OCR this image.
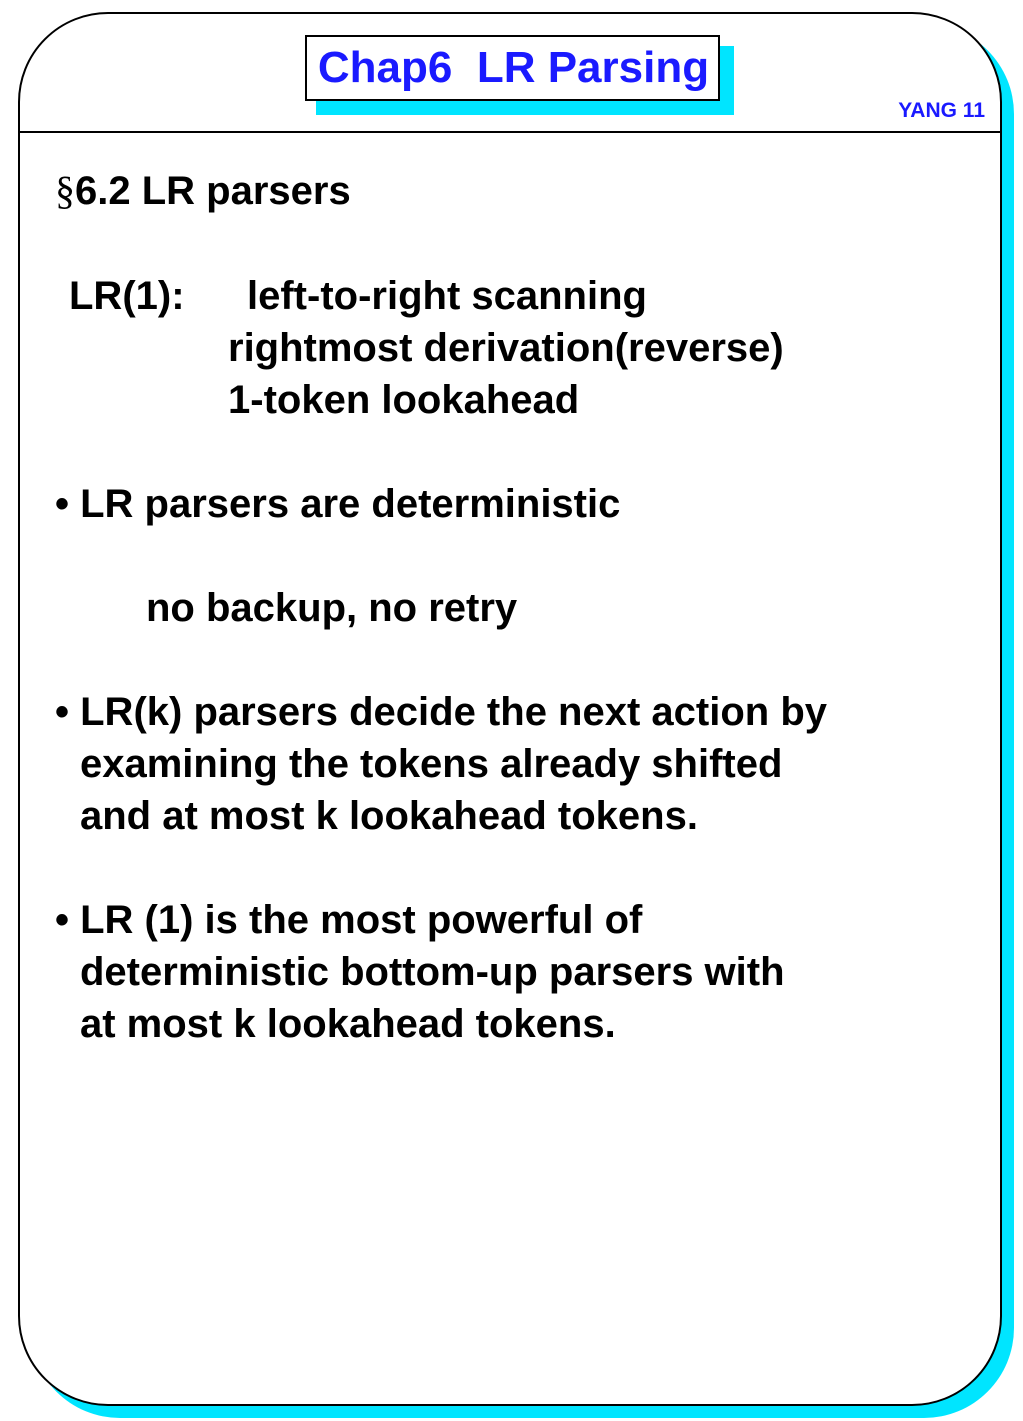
Chap6  LR Parsing
YANG 11
§6.2 LR parsers
LR(1): left-to-right scanning
rightmost derivation(reverse)
1-token lookahead
• LR parsers are deterministic
no backup, no retry
• LR(k) parsers decide the next action by
examining the tokens already shifted
and at most k lookahead tokens.
• LR (1) is the most powerful of
deterministic bottom-up parsers with
at most k lookahead tokens.
